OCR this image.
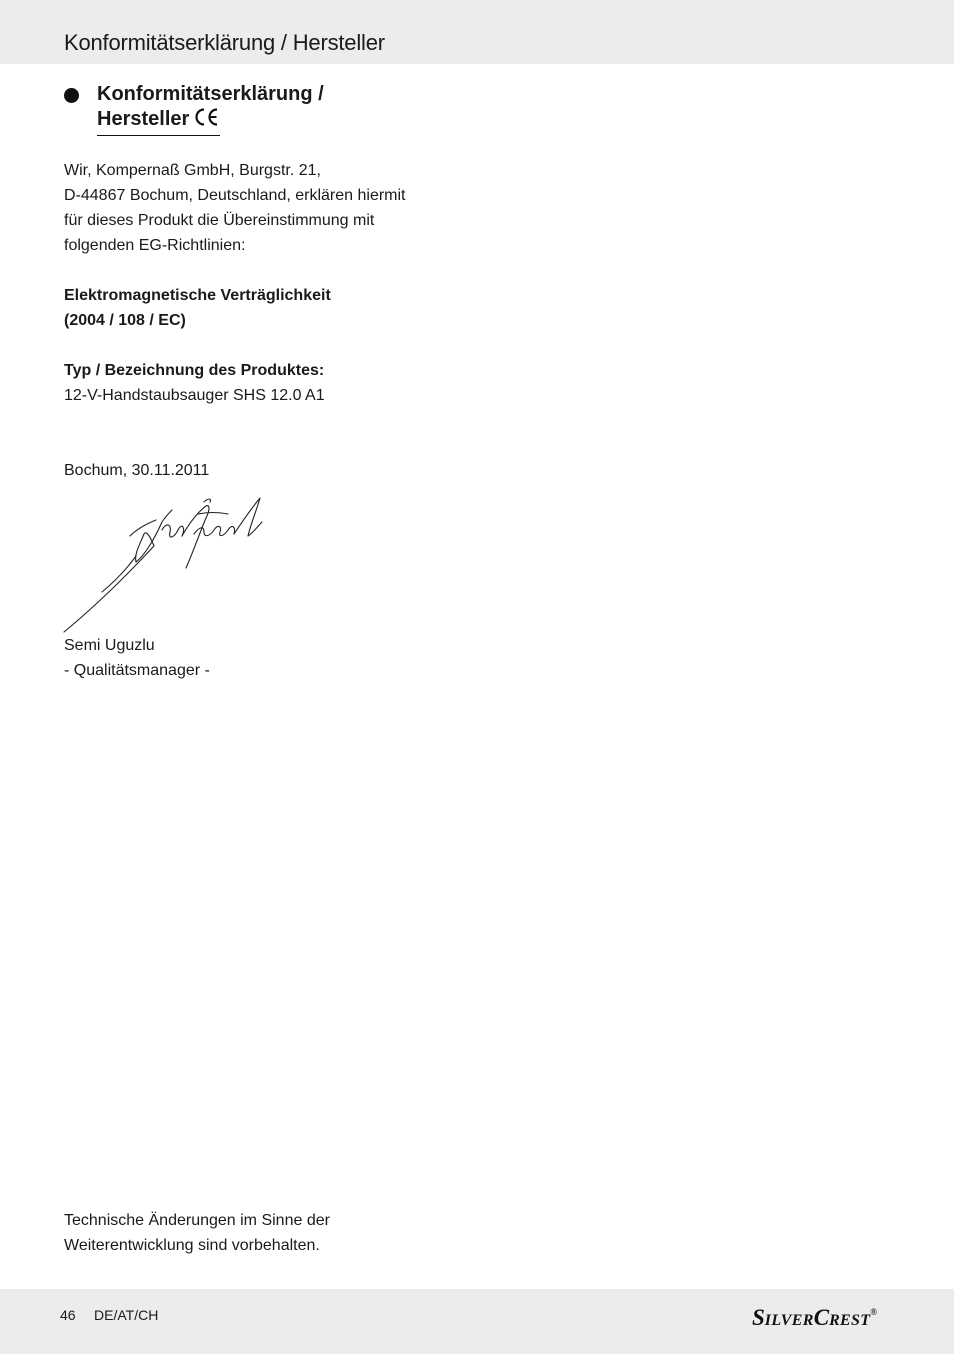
Konformitätserklärung / Hersteller
Konformitätserklärung /
Hersteller
Wir, Kompernaß GmbH, Burgstr. 21,
D-44867 Bochum, Deutschland, erklären hiermit
für dieses Produkt die Übereinstimmung mit
folgenden EG-Richtlinien:
Elektromagnetische Verträglichkeit
(2004 / 108 / EC)
Typ / Bezeichnung des Produktes:
12-V-Handstaubsauger SHS 12.0 A1
Bochum, 30.11.2011
Semi Uguzlu
- Qualitätsmanager -
Technische Änderungen im Sinne der
Weiterentwicklung sind vorbehalten.
46 DE/AT/CH	SILVERCREST®
